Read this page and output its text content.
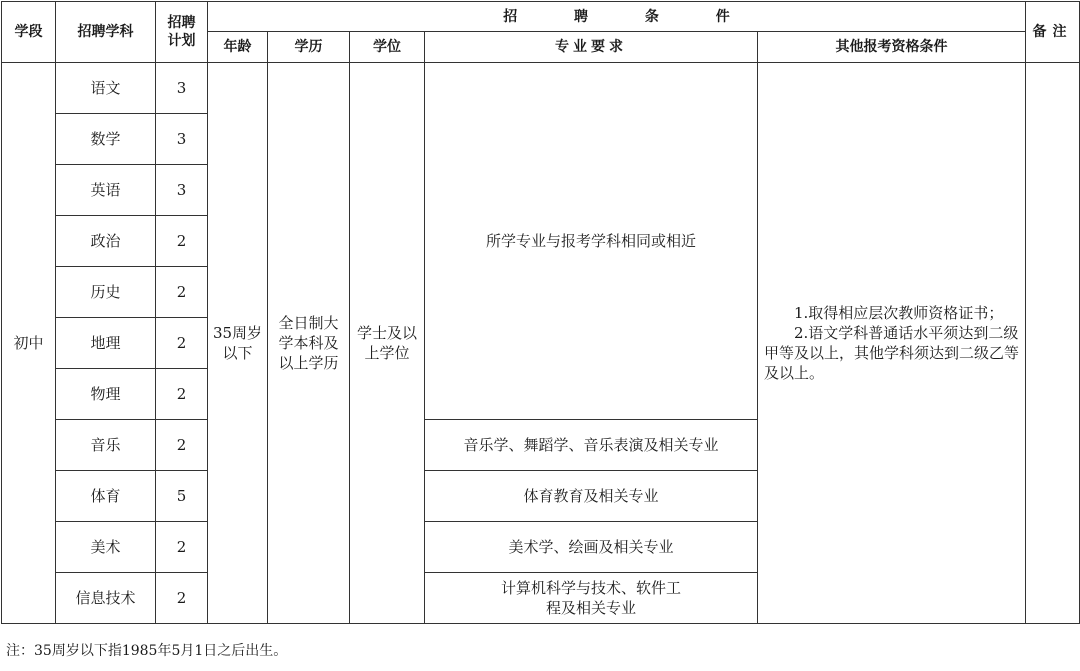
学段	招聘学科	招聘计划	招 聘 条 件					备注
			年龄	学历	学位	专业要求	其他报考资格条件	
初中	语文	3	35周岁以下	全日制大学本科及以上学历	学士及以上学位	所学专业与报考学科相同或相近	1.取得相应层次教师资格证书；
2.语文学科普通话水平须达到二级甲等及以上，其他学科须达到二级乙等及以上。	

	数学	3						
	英语	3						
	政治	2						
	历史	2						
	地理	2						
	物理	2						
	音乐	2				音乐学、舞蹈学、音乐表演及相关专业		
	体育	5				体育教育及相关专业		
	美术	2				美术学、绘画及相关专业		
	信息技术	2				计算机科学与技术、软件工程及相关专业		
注：35周岁以下指1985年5月1日之后出生。
